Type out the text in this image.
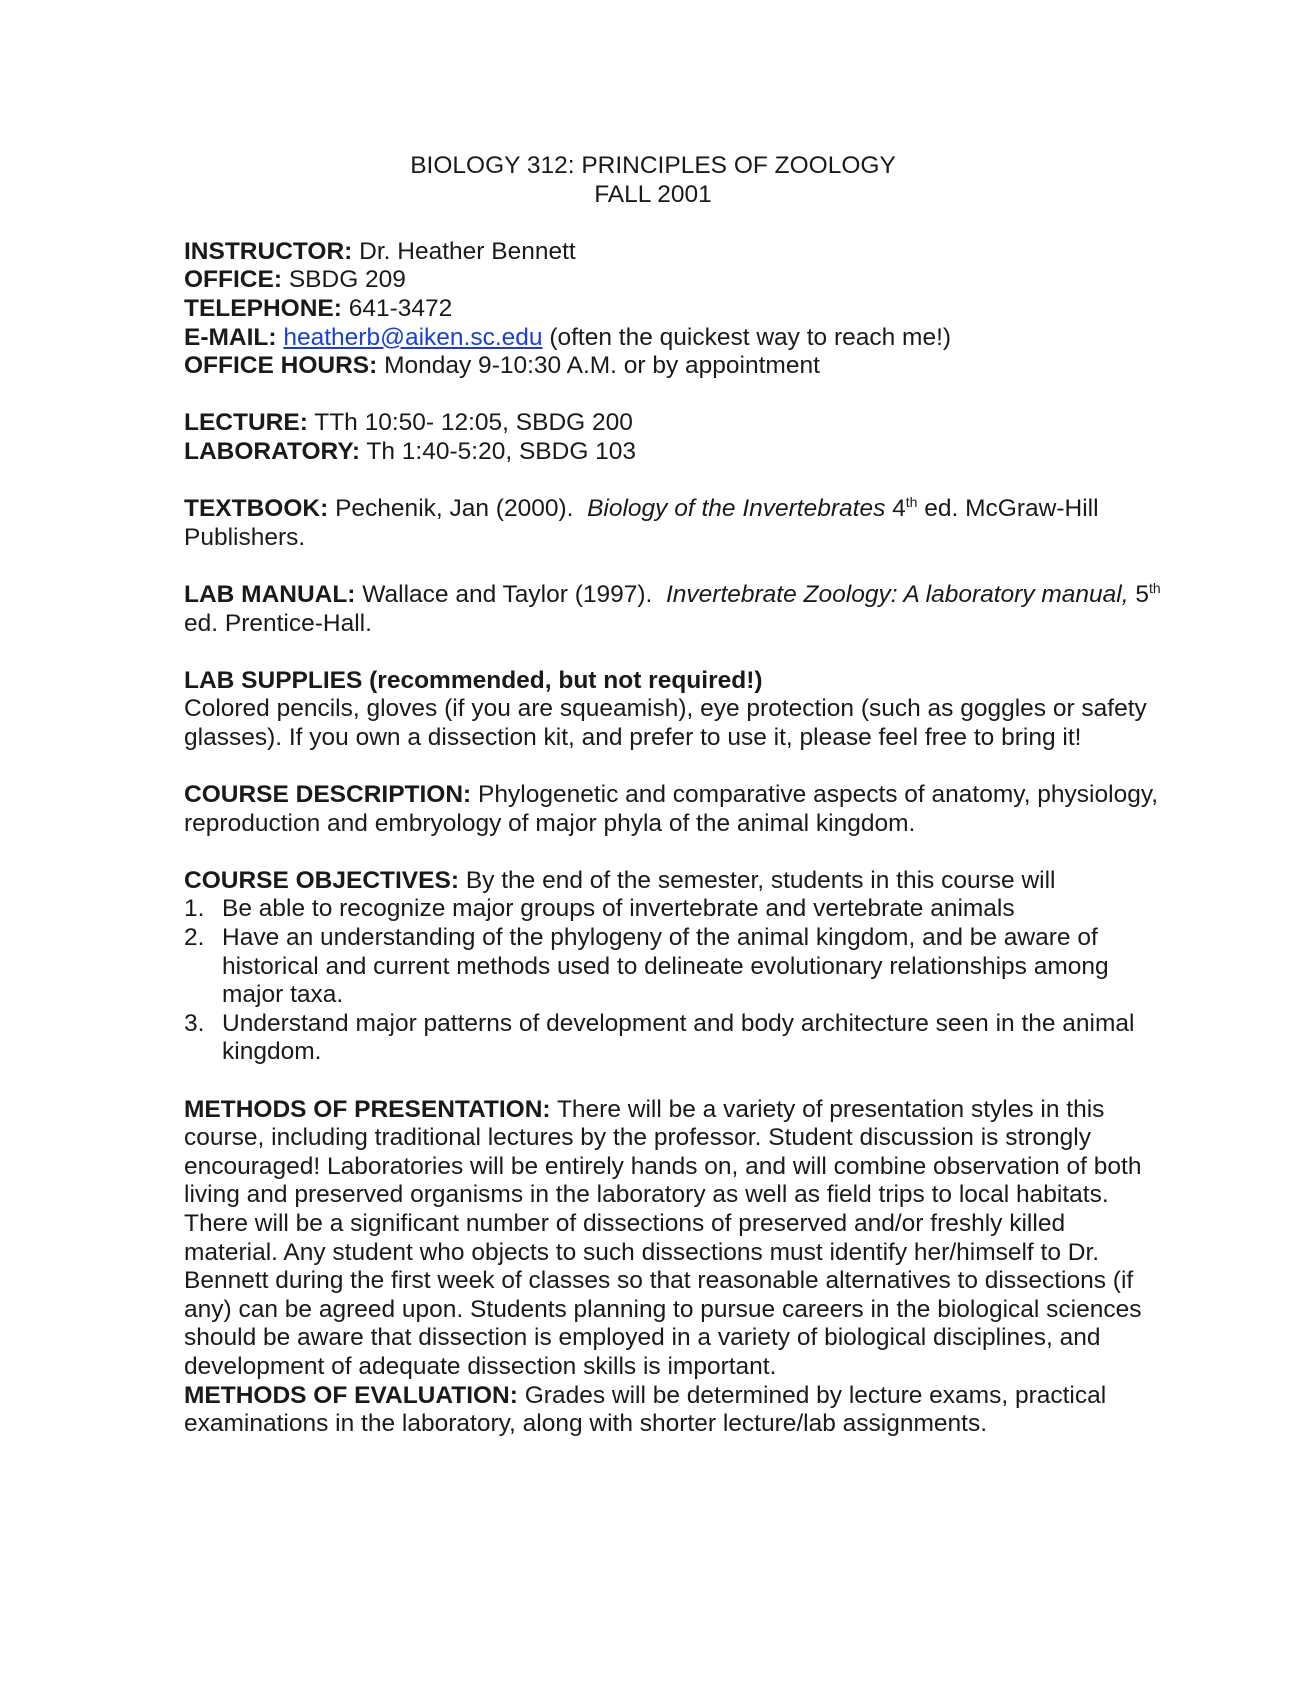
BIOLOGY 312: PRINCIPLES OF ZOOLOGY
FALL 2001
INSTRUCTOR: Dr. Heather Bennett
OFFICE: SBDG 209
TELEPHONE: 641-3472
E-MAIL: heatherb@aiken.sc.edu (often the quickest way to reach me!)
OFFICE HOURS: Monday 9-10:30 A.M. or by appointment
LECTURE: TTh 10:50- 12:05, SBDG 200
LABORATORY: Th 1:40-5:20, SBDG 103

TEXTBOOK: Pechenik, Jan (2000). Biology of the Invertebrates 4th ed. McGraw-Hill Publishers.

LAB MANUAL: Wallace and Taylor (1997). Invertebrate Zoology: A laboratory manual, 5th ed. Prentice-Hall.

LAB SUPPLIES (recommended, but not required!)

Colored pencils, gloves (if you are squeamish), eye protection (such as goggles or safety glasses). If you own a dissection kit, and prefer to use it, please feel free to bring it!

COURSE DESCRIPTION: Phylogenetic and comparative aspects of anatomy, physiology, reproduction and embryology of major phyla of the animal kingdom.

COURSE OBJECTIVES: By the end of the semester, students in this course will
1. Be able to recognize major groups of invertebrate and vertebrate animals
2. Have an understanding of the phylogeny of the animal kingdom, and be aware of historical and current methods used to delineate evolutionary relationships among major taxa.
3. Understand major patterns of development and body architecture seen in the animal kingdom.

METHODS OF PRESENTATION: There will be a variety of presentation styles in this course, including traditional lectures by the professor. Student discussion is strongly encouraged! Laboratories will be entirely hands on, and will combine observation of both living and preserved organisms in the laboratory as well as field trips to local habitats. There will be a significant number of dissections of preserved and/or freshly killed material. Any student who objects to such dissections must identify her/himself to Dr. Bennett during the first week of classes so that reasonable alternatives to dissections (if any) can be agreed upon. Students planning to pursue careers in the biological sciences should be aware that dissection is employed in a variety of biological disciplines, and development of adequate dissection skills is important.

METHODS OF EVALUATION: Grades will be determined by lecture exams, practical examinations in the laboratory, along with shorter lecture/lab assignments.
